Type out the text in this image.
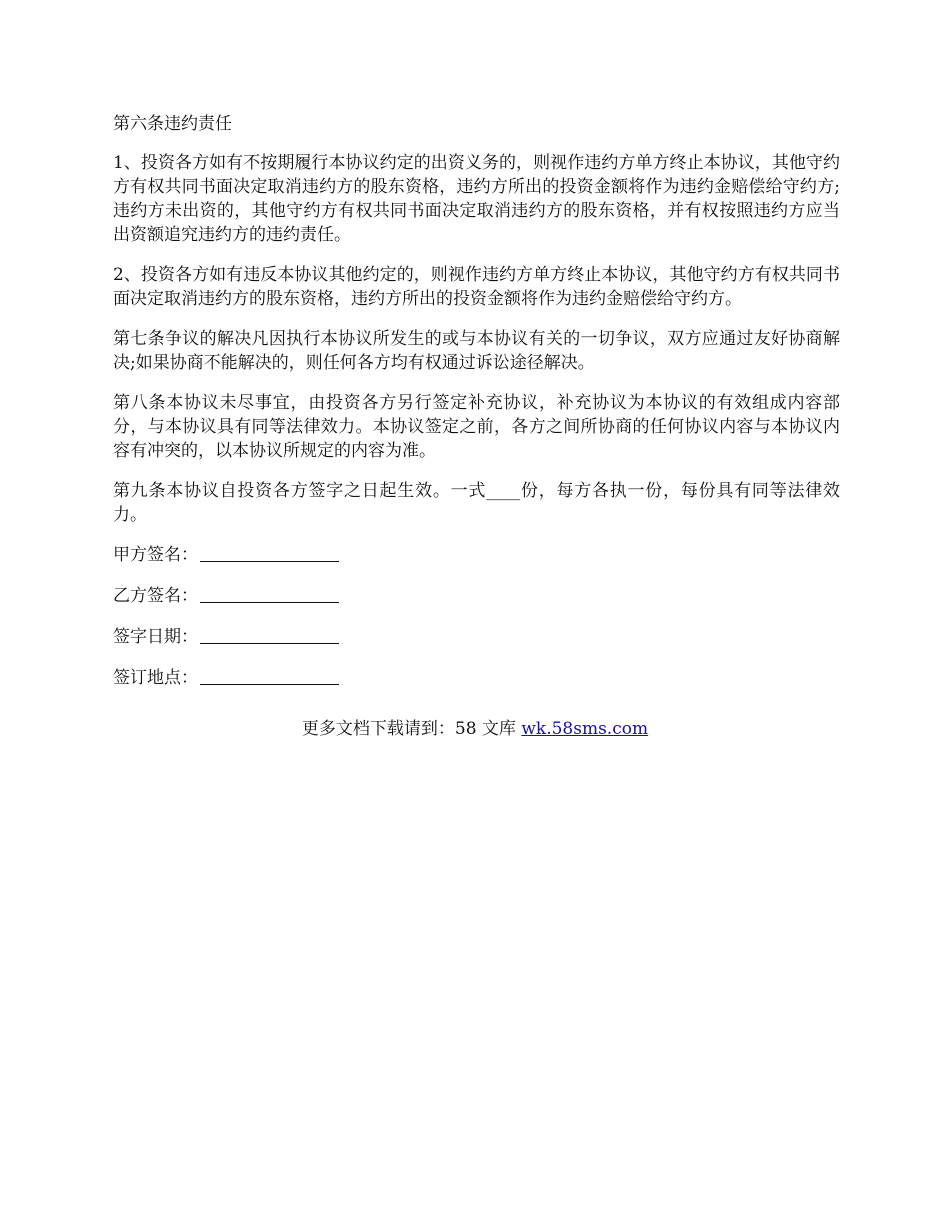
第六条违约责任

1、投资各方如有不按期履行本协议约定的出资义务的，则视作违约方单方终止本协议，其他守约方有权共同书面决定取消违约方的股东资格，违约方所出的投资金额将作为违约金赔偿给守约方;违约方未出资的，其他守约方有权共同书面决定取消违约方的股东资格，并有权按照违约方应当出资额追究违约方的违约责任。

2、投资各方如有违反本协议其他约定的，则视作违约方单方终止本协议，其他守约方有权共同书面决定取消违约方的股东资格，违约方所出的投资金额将作为违约金赔偿给守约方。

第七条争议的解决凡因执行本协议所发生的或与本协议有关的一切争议，双方应通过友好协商解决;如果协商不能解决的，则任何各方均有权通过诉讼途径解决。

第八条本协议未尽事宜，由投资各方另行签定补充协议，补充协议为本协议的有效组成内容部分，与本协议具有同等法律效力。本协议签定之前，各方之间所协商的任何协议内容与本协议内容有冲突的，以本协议所规定的内容为准。

第九条本协议自投资各方签字之日起生效。一式____份，每方各执一份，每份具有同等法律效力。

甲方签名：
乙方签名：
签字日期：
签订地点：
更多文档下载请到：58 文库 wk.58sms.com
